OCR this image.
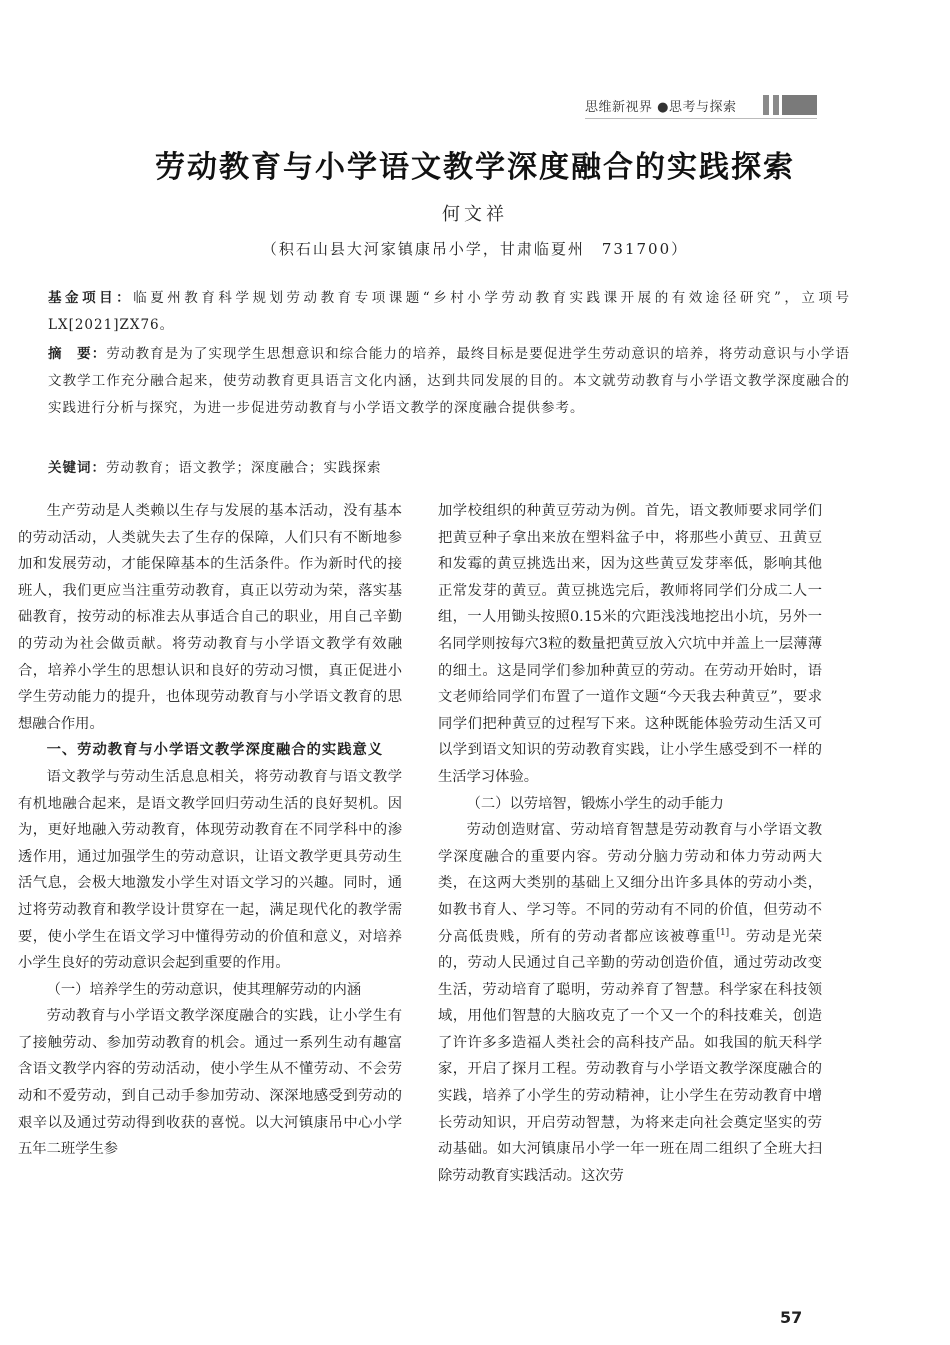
思维新视界 ●思考与探索
劳动教育与小学语文教学深度融合的实践探索
何文祥
（积石山县大河家镇康吊小学，甘肃临夏州　731700）
基金项目：临夏州教育科学规划劳动教育专项课题“乡村小学劳动教育实践课开展的有效途径研究”，立项号LX[2021]ZX76。
摘　要：劳动教育是为了实现学生思想意识和综合能力的培养，最终目标是要促进学生劳动意识的培养，将劳动意识与小学语文教学工作充分融合起来，使劳动教育更具语言文化内涵，达到共同发展的目的。本文就劳动教育与小学语文教学深度融合的实践进行分析与探究，为进一步促进劳动教育与小学语文教学的深度融合提供参考。
关键词：劳动教育；语文教学；深度融合；实践探索

生产劳动是人类赖以生存与发展的基本活动，没有基本的劳动活动，人类就失去了生存的保障，人们只有不断地参加和发展劳动，才能保障基本的生活条件。作为新时代的接班人，我们更应当注重劳动教育，真正以劳动为荣，落实基础教育，按劳动的标准去从事适合自己的职业，用自己辛勤的劳动为社会做贡献。将劳动教育与小学语文教学有效融合，培养小学生的思想认识和良好的劳动习惯，真正促进小学生劳动能力的提升，也体现劳动教育与小学语文教育的思想融合作用。

一、劳动教育与小学语文教学深度融合的实践意义

语文教学与劳动生活息息相关，将劳动教育与语文教学有机地融合起来，是语文教学回归劳动生活的良好契机。因为，更好地融入劳动教育，体现劳动教育在不同学科中的渗透作用，通过加强学生的劳动意识，让语文教学更具劳动生活气息，会极大地激发小学生对语文学习的兴趣。同时，通过将劳动教育和教学设计贯穿在一起，满足现代化的教学需要，使小学生在语文学习中懂得劳动的价值和意义，对培养小学生良好的劳动意识会起到重要的作用。

（一）培养学生的劳动意识，使其理解劳动的内涵

劳动教育与小学语文教学深度融合的实践，让小学生有了接触劳动、参加劳动教育的机会。通过一系列生动有趣富含语文教学内容的劳动活动，使小学生从不懂劳动、不会劳动和不爱劳动，到自己动手参加劳动、深深地感受到劳动的艰辛以及通过劳动得到收获的喜悦。以大河镇康吊中心小学五年二班学生参

加学校组织的种黄豆劳动为例。首先，语文教师要求同学们把黄豆种子拿出来放在塑料盆子中，将那些小黄豆、丑黄豆和发霉的黄豆挑选出来，因为这些黄豆发芽率低，影响其他正常发芽的黄豆。黄豆挑选完后，教师将同学们分成二人一组，一人用锄头按照0.15米的穴距浅浅地挖出小坑，另外一名同学则按每穴3粒的数量把黄豆放入穴坑中并盖上一层薄薄的细土。这是同学们参加种黄豆的劳动。在劳动开始时，语文老师给同学们布置了一道作文题“今天我去种黄豆”，要求同学们把种黄豆的过程写下来。这种既能体验劳动生活又可以学到语文知识的劳动教育实践，让小学生感受到不一样的生活学习体验。

（二）以劳培智，锻炼小学生的动手能力

劳动创造财富、劳动培育智慧是劳动教育与小学语文教学深度融合的重要内容。劳动分脑力劳动和体力劳动两大类，在这两大类别的基础上又细分出许多具体的劳动小类，如教书育人、学习等。不同的劳动有不同的价值，但劳动不分高低贵贱，所有的劳动者都应该被尊重[1]。劳动是光荣的，劳动人民通过自己辛勤的劳动创造价值，通过劳动改变生活，劳动培育了聪明，劳动养育了智慧。科学家在科技领域，用他们智慧的大脑攻克了一个又一个的科技难关，创造了许许多多造福人类社会的高科技产品。如我国的航天科学家，开启了探月工程。劳动教育与小学语文教学深度融合的实践，培养了小学生的劳动精神，让小学生在劳动教育中增长劳动知识，开启劳动智慧，为将来走向社会奠定坚实的劳动基础。如大河镇康吊小学一年一班在周二组织了全班大扫除劳动教育实践活动。这次劳

57
